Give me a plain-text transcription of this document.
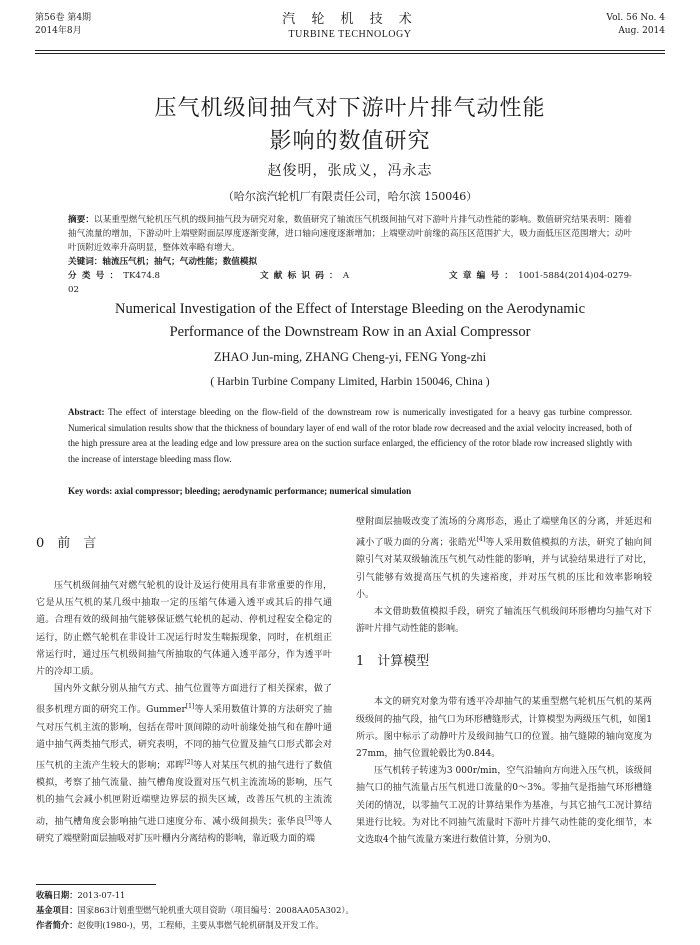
第56卷 第4期
2014年8月
汽 轮 机 技 术
TURBINE TECHNOLOGY
Vol. 56 No. 4
Aug. 2014
压气机级间抽气对下游叶片排气动性能
影响的数值研究
赵俊明，张成义，冯永志
（哈尔滨汽轮机厂有限责任公司，哈尔滨 150046）
摘要：以某重型燃气轮机压气机的级间抽气段为研究对象，数值研究了轴流压气机级间抽气对下游叶片排气动性能的影响。数值研究结果表明：随着抽气流量的增加，下游动叶上端壁附面层厚度逐渐变薄，进口轴向速度逐渐增加；上端壁动叶前缘的高压区范围扩大，吸力面低压区范围增大；动叶叶顶附近效率升高明显，整体效率略有增大。
关键词：轴流压气机；抽气；气动性能；数值模拟
分类号：TK474.8	文献标识码：A	文章编号：1001-5884(2014)04-0279-02
Numerical Investigation of the Effect of Interstage Bleeding on the Aerodynamic
Performance of the Downstream Row in an Axial Compressor
ZHAO Jun-ming, ZHANG Cheng-yi, FENG Yong-zhi
( Harbin Turbine Company Limited, Harbin 150046, China )
Abstract: The effect of interstage bleeding on the flow-field of the downstream row is numerically investigated for a heavy gas turbine compressor. Numerical simulation results show that the thickness of boundary layer of end wall of the rotor blade row decreased and the axial velocity increased, both of the high pressure area at the leading edge and low pressure area on the suction surface enlarged, the efficiency of the rotor blade row increased slightly with the increase of interstage bleeding mass flow.
Key words: axial compressor; bleeding; aerodynamic performance; numerical simulation
0　前　言

压气机级间抽气对燃气轮机的设计及运行使用具有非常重要的作用，它是从压气机的某几级中抽取一定的压缩气体通入透平或其后的排气通道。合理有效的级间抽气能够保证燃气轮机的起动、停机过程安全稳定的运行，防止燃气轮机在非设计工况运行时发生喘振现象，同时，在机组正常运行时，通过压气机级间抽气所抽取的气体通入透平部分，作为透平叶片的冷却工质。

国内外文献分别从抽气方式、抽气位置等方面进行了相关探索，做了很多机理方面的研究工作。Gummer[1]等人采用数值计算的方法研究了抽气对压气机主流的影响，包括在带叶顶间隙的动叶前缘处抽气和在静叶通道中抽气两类抽气形式，研究表明，不同的抽气位置及抽气口形式都会对压气机的主流产生较大的影响；邓晖[2]等人对某压气机的抽气进行了数值模拟，考察了抽气流量、抽气槽角度设置对压气机主流流场的影响，压气机的抽气会减小机匣附近端壁边界层的损失区域，改善压气机的主流流动，抽气槽角度会影响抽气进口速度分布、减小级间损失；张华良[3]等人研究了端壁附面层抽吸对扩压叶栅内分离结构的影响，靠近吸力面的端

壁附面层抽吸改变了流场的分离形态，遏止了端壁角区的分离，并延迟和减小了吸力面的分离；张皓光[4]等人采用数值模拟的方法，研究了轴向间隙引气对某双级轴流压气机气动性能的影响，并与试验结果进行了对比，引气能够有效提高压气机的失速裕度，并对压气机的压比和效率影响较小。

本文借助数值模拟手段，研究了轴流压气机级间环形槽均匀抽气对下游叶片排气动性能的影响。

1　计算模型

本文的研究对象为带有透平冷却抽气的某重型燃气轮机压气机的某两级级间的抽气段，抽气口为环形槽缝形式，计算模型为两级压气机，如图1所示。图中标示了动静叶片及级间抽气口的位置。抽气缝隙的轴向宽度为27mm，抽气位置轮毂比为0.844。

压气机转子转速为3 000r/min，空气沿轴向方向进入压气机，该级间抽气口的抽气流量占压气机进口流量的0～3%。零抽气是指抽气环形槽缝关闭的情况，以零抽气工况的计算结果作为基准，与其它抽气工况计算结果进行比较。为对比不同抽气流量时下游叶片排气动性能的变化细节，本文选取4个抽气流量方案进行数值计算，分别为0、

收稿日期：2013-07-11
基金项目：国家863计划重型燃气轮机重大项目资助（项目编号：2008AA05A302）。
作者简介：赵俊明(1980-)，男，工程师，主要从事燃气轮机研制及开发工作。
